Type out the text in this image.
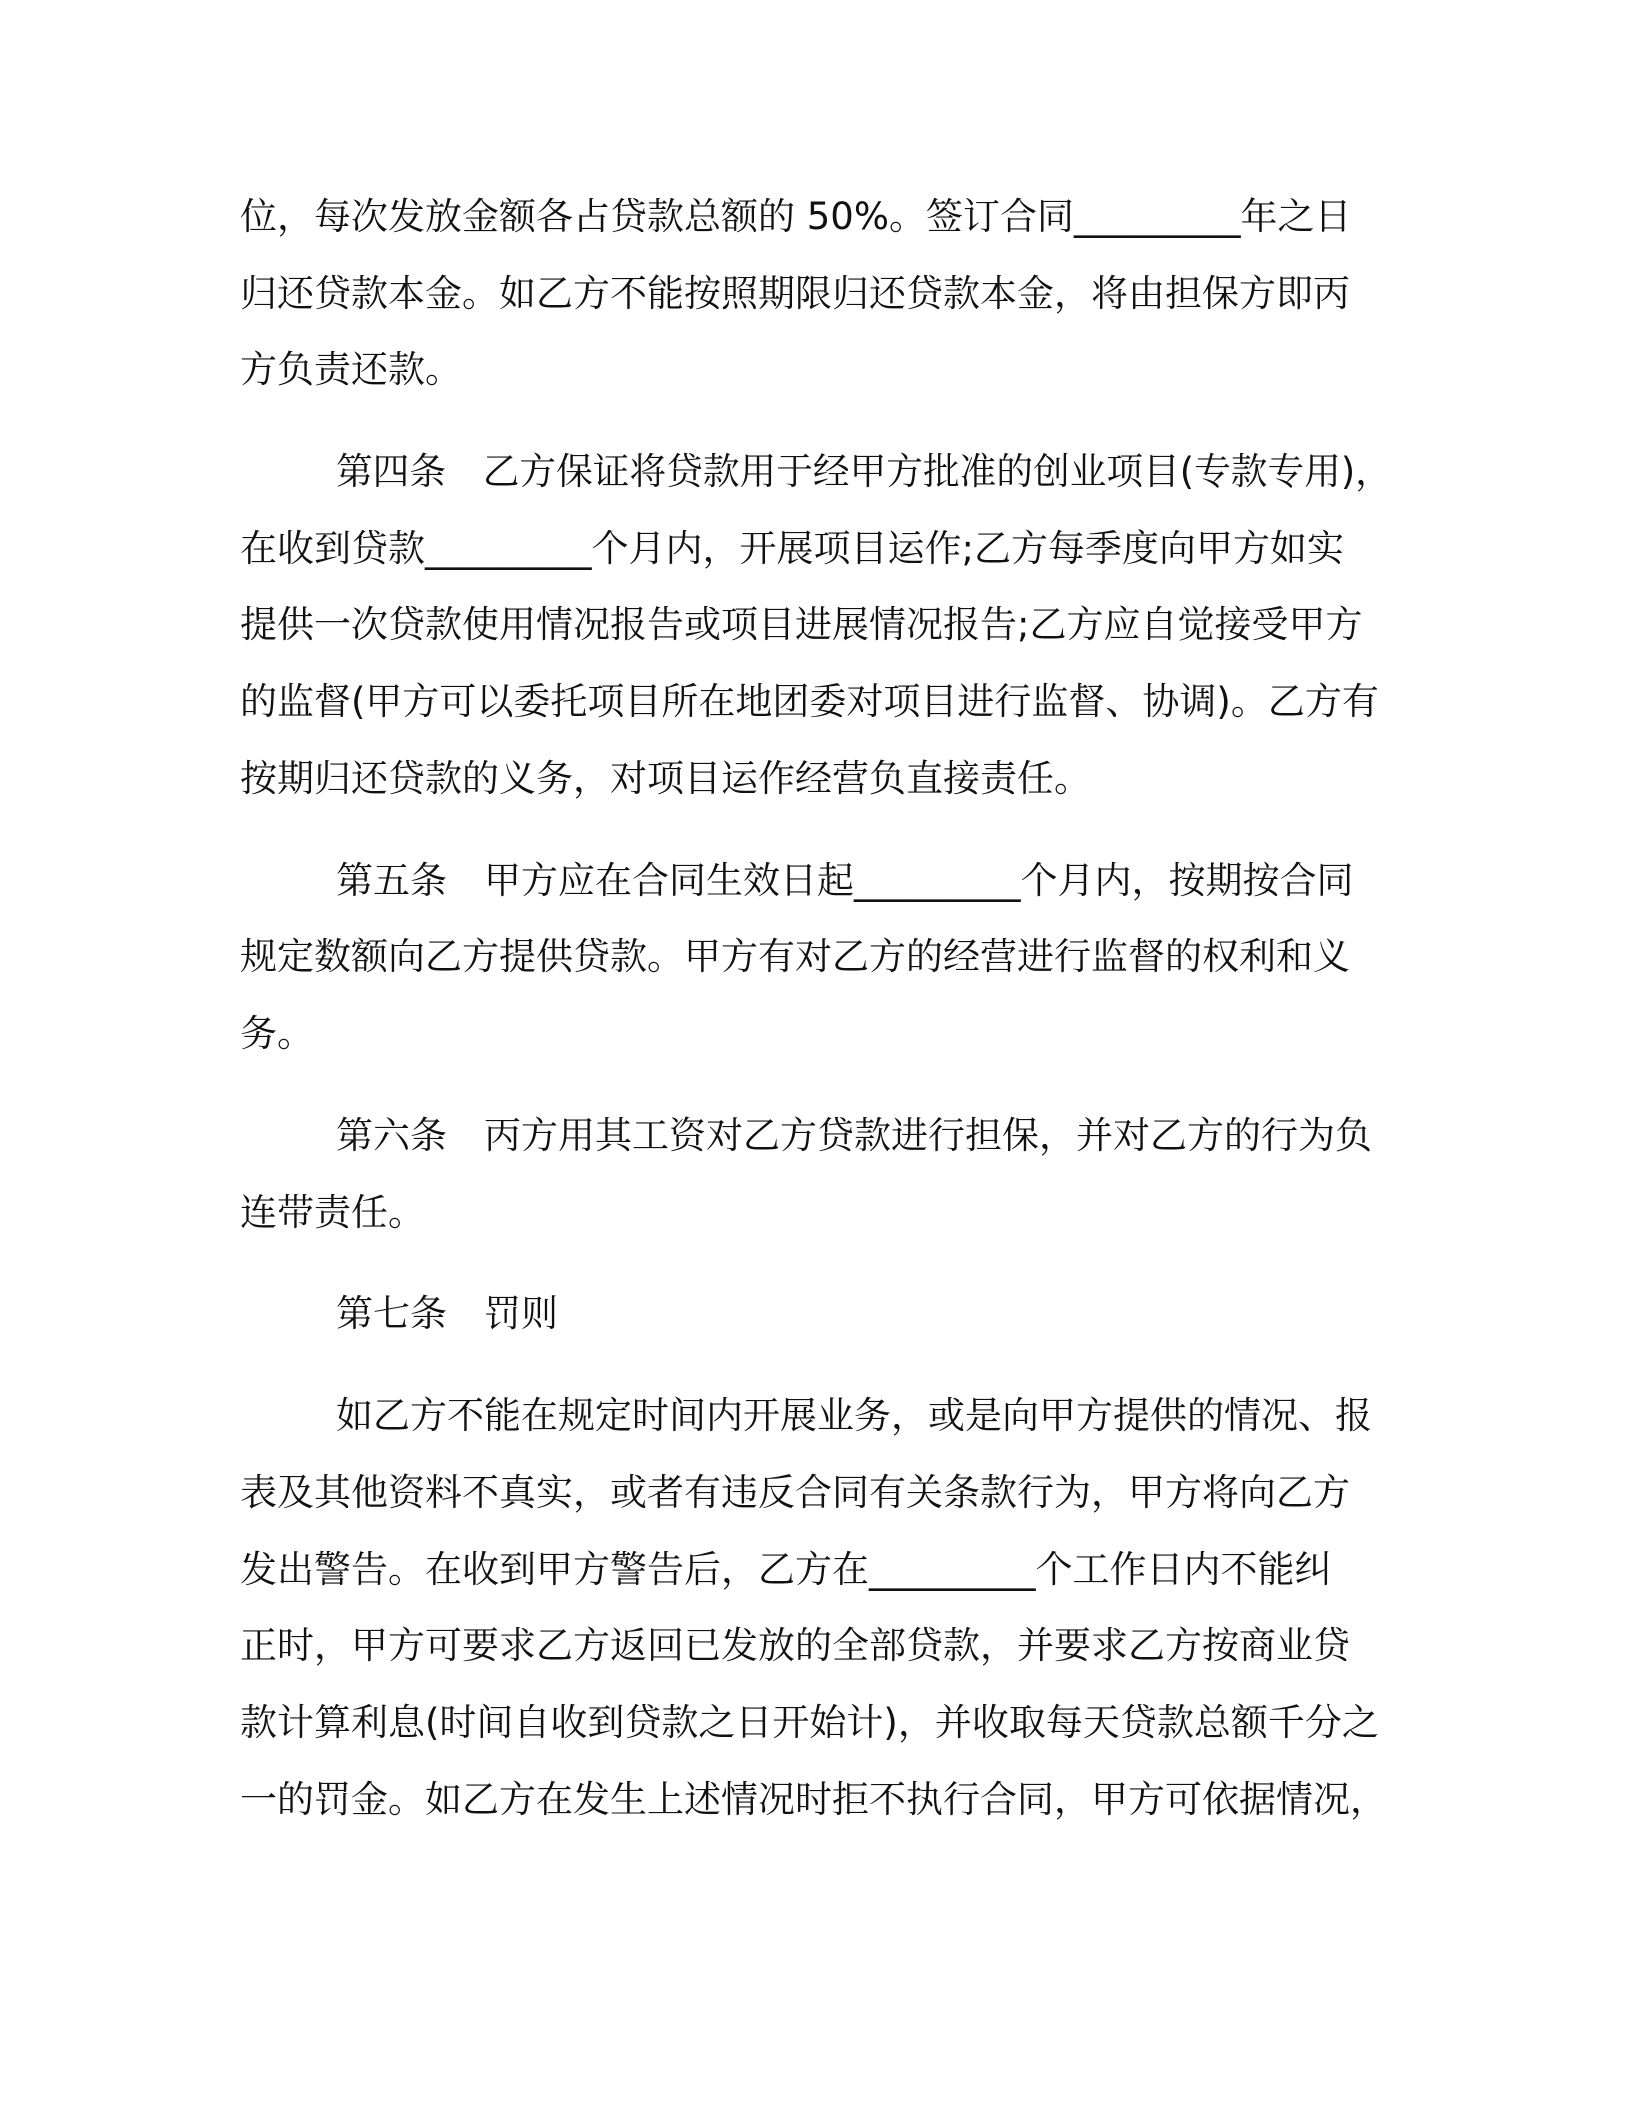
位，每次发放金额各占贷款总额的 50%。签订合同_________年之日
归还贷款本金。如乙方不能按照期限归还贷款本金，将由担保方即丙
方负责还款。
第四条　乙方保证将贷款用于经甲方批准的创业项目(专款专用)，
在收到贷款_________个月内，开展项目运作;乙方每季度向甲方如实
提供一次贷款使用情况报告或项目进展情况报告;乙方应自觉接受甲方
的监督(甲方可以委托项目所在地团委对项目进行监督、协调)。乙方有
按期归还贷款的义务，对项目运作经营负直接责任。
第五条　甲方应在合同生效日起_________个月内，按期按合同
规定数额向乙方提供贷款。甲方有对乙方的经营进行监督的权利和义
务。
第六条　丙方用其工资对乙方贷款进行担保，并对乙方的行为负
连带责任。
第七条　罚则
如乙方不能在规定时间内开展业务，或是向甲方提供的情况、报
表及其他资料不真实，或者有违反合同有关条款行为，甲方将向乙方
发出警告。在收到甲方警告后，乙方在_________个工作日内不能纠
正时，甲方可要求乙方返回已发放的全部贷款，并要求乙方按商业贷
款计算利息(时间自收到贷款之日开始计)，并收取每天贷款总额千分之
一的罚金。如乙方在发生上述情况时拒不执行合同，甲方可依据情况，
